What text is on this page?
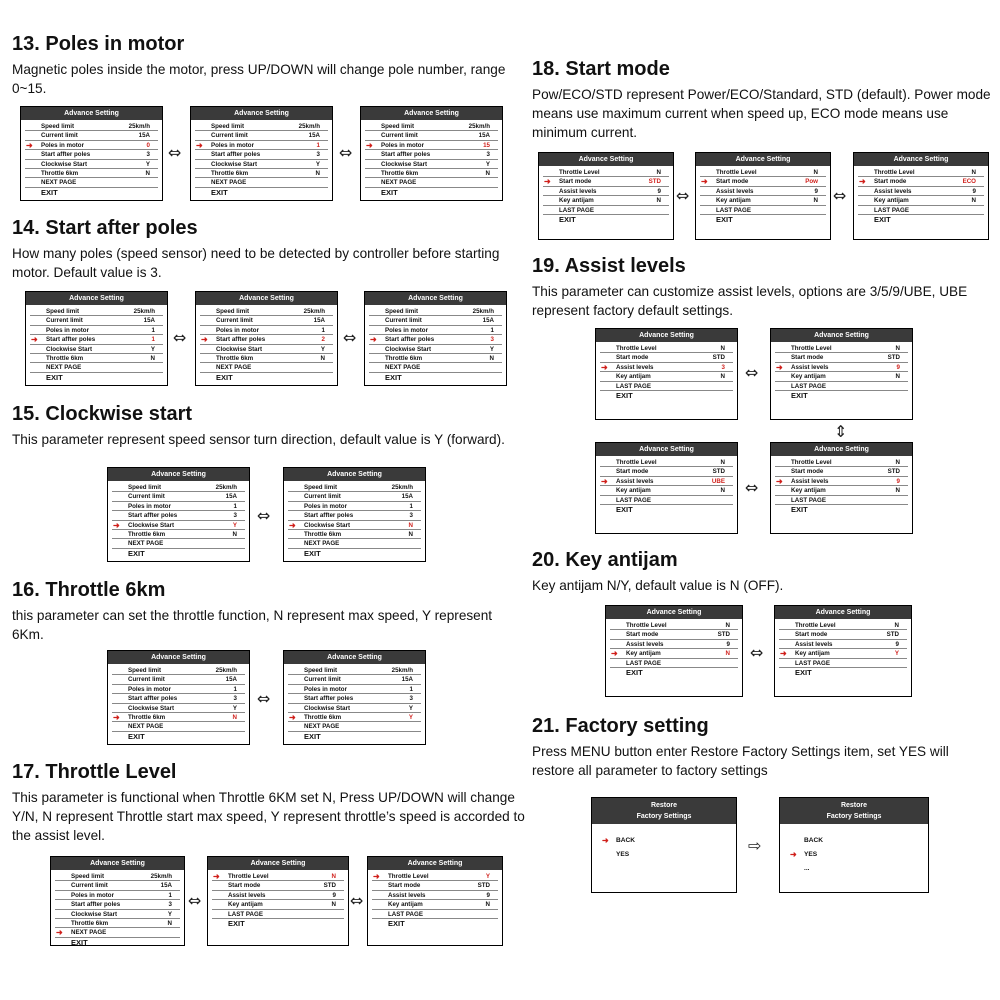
13. Poles in motor
Magnetic poles inside the motor, press UP/DOWN will change pole number, range 0~15.
Advance Setting
Speed limit	25km/h
Current limit	15A
➜ Poles in motor	0
Start affter poles	3
Clockwise Start	Y
Throttle 6km	N
NEXT PAGE
EXIT
⇔
Advance Setting
Speed limit	25km/h
Current limit	15A
➜ Poles in motor	1
Start affter poles	3
Clockwise Start	Y
Throttle 6km	N
NEXT PAGE
EXIT
⇔
Advance Setting
Speed limit	25km/h
Current limit	15A
➜ Poles in motor	15
Start affter poles	3
Clockwise Start	Y
Throttle 6km	N
NEXT PAGE
EXIT
14. Start after poles
How many poles (speed sensor) need to be detected by controller before starting motor. Default value is 3.
Advance Setting
Speed limit	25km/h
Current limit	15A
Poles in motor	1
➜ Start affter poles	1
Clockwise Start	Y
Throttle 6km	N
NEXT PAGE
EXIT
⇔
Advance Setting
Speed limit	25km/h
Current limit	15A
Poles in motor	1
➜ Start affter poles	2
Clockwise Start	Y
Throttle 6km	N
NEXT PAGE
EXIT
⇔
Advance Setting
Speed limit	25km/h
Current limit	15A
Poles in motor	1
➜ Start affter poles	3
Clockwise Start	Y
Throttle 6km	N
NEXT PAGE
EXIT
15. Clockwise start
This parameter represent speed sensor turn direction, default value is Y (forward).
Advance Setting
Speed limit	25km/h
Current limit	15A
Poles in motor	1
Start affter poles	3
➜ Clockwise Start	Y
Throttle 6km	N
NEXT PAGE
EXIT
⇔
Advance Setting
Speed limit	25km/h
Current limit	15A
Poles in motor	1
Start affter poles	3
➜ Clockwise Start	N
Throttle 6km	N
NEXT PAGE
EXIT
16. Throttle 6km
this parameter can set the throttle function, N represent max speed, Y represent 6Km.
Advance Setting
Speed limit	25km/h
Current limit	15A
Poles in motor	1
Start affter poles	3
Clockwise Start	Y
➜ Throttle 6km	N
NEXT PAGE
EXIT
⇔
Advance Setting
Speed limit	25km/h
Current limit	15A
Poles in motor	1
Start affter poles	3
Clockwise Start	Y
➜ Throttle 6km	Y
NEXT PAGE
EXIT
17. Throttle Level
This parameter is functional when Throttle 6KM set N, Press UP/DOWN will change Y/N, N represent Throttle start max speed, Y represent throttle’s speed is accorded to the assist level.
Advance Setting
Speed limit	25km/h
Current limit	15A
Poles in motor	1
Start affter poles	3
Clockwise Start	Y
Throttle 6km	N
➜ NEXT PAGE
EXIT
⇔
Advance Setting
➜ Throttle Level	N
Start mode	STD
Assist levels	9
Key antijam	N
LAST PAGE
EXIT
⇔
Advance Setting
➜ Throttle Level	Y
Start mode	STD
Assist levels	9
Key antijam	N
LAST PAGE
EXIT
18. Start mode
Pow/ECO/STD represent Power/ECO/Standard, STD (default). Power mode means use maximum current when speed up, ECO mode means use minimum current.
Advance Setting
Throttle Level	N
➜ Start mode	STD
Assist levels	9
Key antijam	N
LAST PAGE
EXIT
⇔
Advance Setting
Throttle Level	N
➜ Start mode	Pow
Assist levels	9
Key antijam	N
LAST PAGE
EXIT
⇔
Advance Setting
Throttle Level	N
➜ Start mode	ECO
Assist levels	9
Key antijam	N
LAST PAGE
EXIT
19. Assist levels
This parameter can customize assist levels, options are 3/5/9/UBE, UBE represent factory default settings.
Advance Setting
Throttle Level	N
Start mode	STD
➜ Assist levels	3
Key antijam	N
LAST PAGE
EXIT
⇔
Advance Setting
Throttle Level	N
Start mode	STD
➜ Assist levels	9
Key antijam	N
LAST PAGE
EXIT
⇕
Advance Setting
Throttle Level	N
Start mode	STD
➜ Assist levels	UBE
Key antijam	N
LAST PAGE
EXIT
⇔
Advance Setting
Throttle Level	N
Start mode	STD
➜ Assist levels	9
Key antijam	N
LAST PAGE
EXIT
20. Key antijam
Key antijam N/Y, default value is N (OFF).
Advance Setting
Throttle Level	N
Start mode	STD
Assist levels	9
➜ Key antijam	N
LAST PAGE
EXIT
⇔
Advance Setting
Throttle Level	N
Start mode	STD
Assist levels	9
➜ Key antijam	Y
LAST PAGE
EXIT
21. Factory setting
Press MENU button enter Restore Factory Settings item, set YES will restore all parameter to factory settings
Restore
Factory Settings
➜ BACK
YES	⇨
Restore
Factory Settings
BACK
➜ YES
...
